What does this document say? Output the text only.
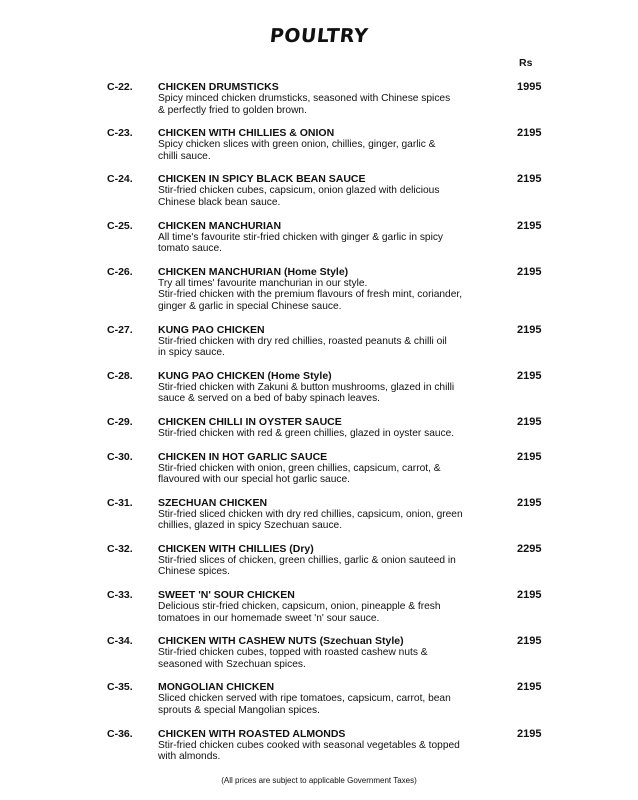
POULTRY
Rs
C-22. CHICKEN DRUMSTICKS
Spicy minced chicken drumsticks, seasoned with Chinese spices
& perfectly fried to golden brown.
1995
C-23. CHICKEN WITH CHILLIES & ONION
Spicy chicken slices with green onion, chillies, ginger, garlic &
chilli sauce.
2195
C-24. CHICKEN IN SPICY BLACK BEAN SAUCE
Stir-fried chicken cubes, capsicum, onion glazed with delicious
Chinese black bean sauce.
2195
C-25. CHICKEN MANCHURIAN
All time's favourite stir-fried chicken with ginger & garlic in spicy
tomato sauce.
2195
C-26. CHICKEN MANCHURIAN (Home Style)
Try all times' favourite manchurian in our style.
Stir-fried chicken with the premium flavours of fresh mint, coriander,
ginger & garlic in special Chinese sauce.
2195
C-27. KUNG PAO CHICKEN
Stir-fried chicken with dry red chillies, roasted peanuts & chilli oil
in spicy sauce.
2195
C-28. KUNG PAO CHICKEN (Home Style)
Stir-fried chicken with Zakuni & button mushrooms, glazed in chilli
sauce & served on a bed of baby spinach leaves.
2195
C-29. CHICKEN CHILLI IN OYSTER SAUCE
Stir-fried chicken with red & green chillies, glazed in oyster sauce.
2195
C-30. CHICKEN IN HOT GARLIC SAUCE
Stir-fried chicken with onion, green chillies, capsicum, carrot, &
flavoured with our special hot garlic sauce.
2195
C-31. SZECHUAN CHICKEN
Stir-fried sliced chicken with dry red chillies, capsicum, onion, green
chillies, glazed in spicy Szechuan sauce.
2195
C-32. CHICKEN WITH CHILLIES (Dry)
Stir-fried slices of chicken, green chillies, garlic & onion sauteed in
Chinese spices.
2295
C-33. SWEET 'N' SOUR CHICKEN
Delicious stir-fried chicken, capsicum, onion, pineapple & fresh
tomatoes in our homemade sweet 'n' sour sauce.
2195
C-34. CHICKEN WITH CASHEW NUTS (Szechuan Style)
Stir-fried chicken cubes, topped with roasted cashew nuts &
seasoned with Szechuan spices.
2195
C-35. MONGOLIAN CHICKEN
Sliced chicken served with ripe tomatoes, capsicum, carrot, bean
sprouts & special Mangolian spices.
2195
C-36. CHICKEN WITH ROASTED ALMONDS
Stir-fried chicken cubes cooked with seasonal vegetables & topped
with almonds.
2195
(All prices are subject to applicable Government Taxes)
